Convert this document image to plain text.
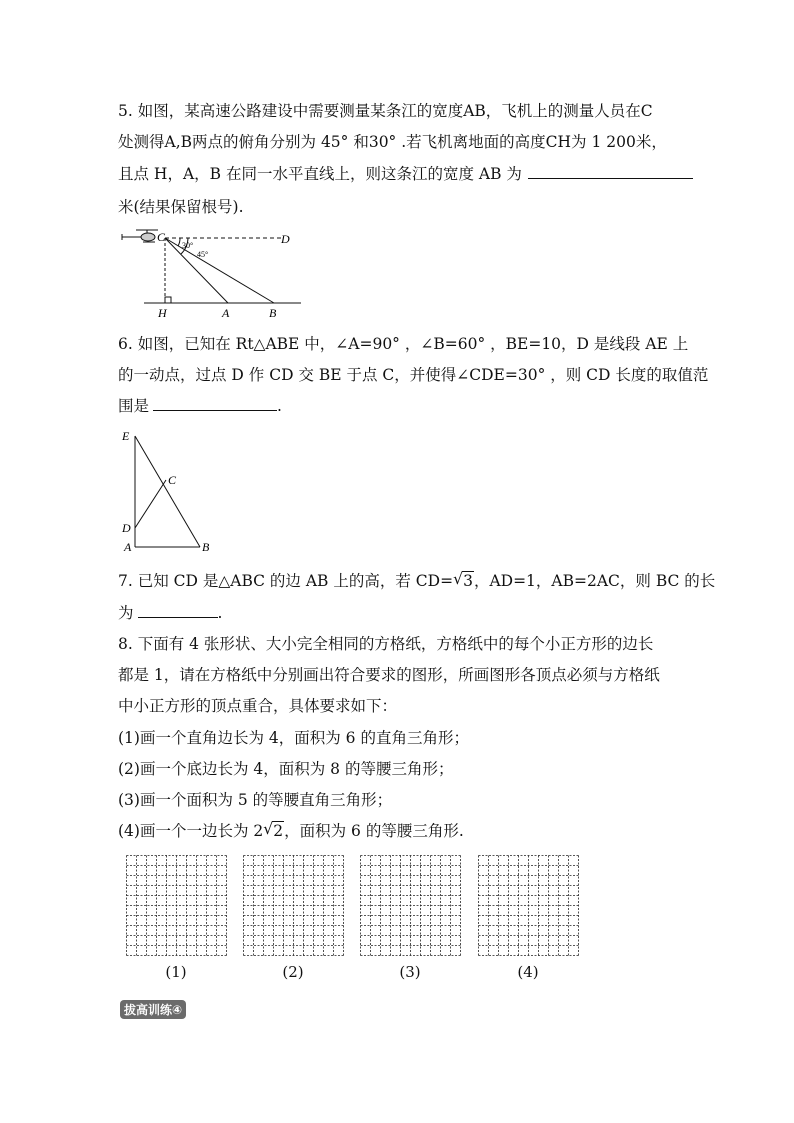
5. 如图，某高速公路建设中需要测量某条江的宽度AB，飞机上的测量人员在C
处测得A,B两点的俯角分别为 45° 和30° .若飞机离地面的高度CH为 1 200米，
且点 H，A，B 在同一水平直线上，则这条江的宽度 AB 为
米(结果保留根号).
C	D
H	A	B
30°
45°
6. 如图，已知在 Rt△ABE 中，∠A=90° ，∠B=60° ，BE=10，D 是线段 AE 上
的一动点，过点 D 作 CD 交 BE 于点 C，并使得∠CDE=30° ，则 CD 长度的取值范
围是	.
E
C
D
A	B
7. 已知 CD 是△ABC 的边 AB 上的高，若 CD= √ 3，AD=1，AB=2AC，则 BC 的长
为	.
8. 下面有 4 张形状、大小完全相同的方格纸，方格纸中的每个小正方形的边长
都是 1，请在方格纸中分别画出符合要求的图形，所画图形各顶点必须与方格纸
中小正方形的顶点重合，具体要求如下：
(1)画一个直角边长为 4，面积为 6 的直角三角形；
(2)画一个底边长为 4，面积为 8 的等腰三角形；
(3)画一个面积为 5 的等腰直角三角形；
(4)画一个一边长为 2 √ 2，面积为 6 的等腰三角形.
(1)	(2)	(3)	(4)
拔高训练④
